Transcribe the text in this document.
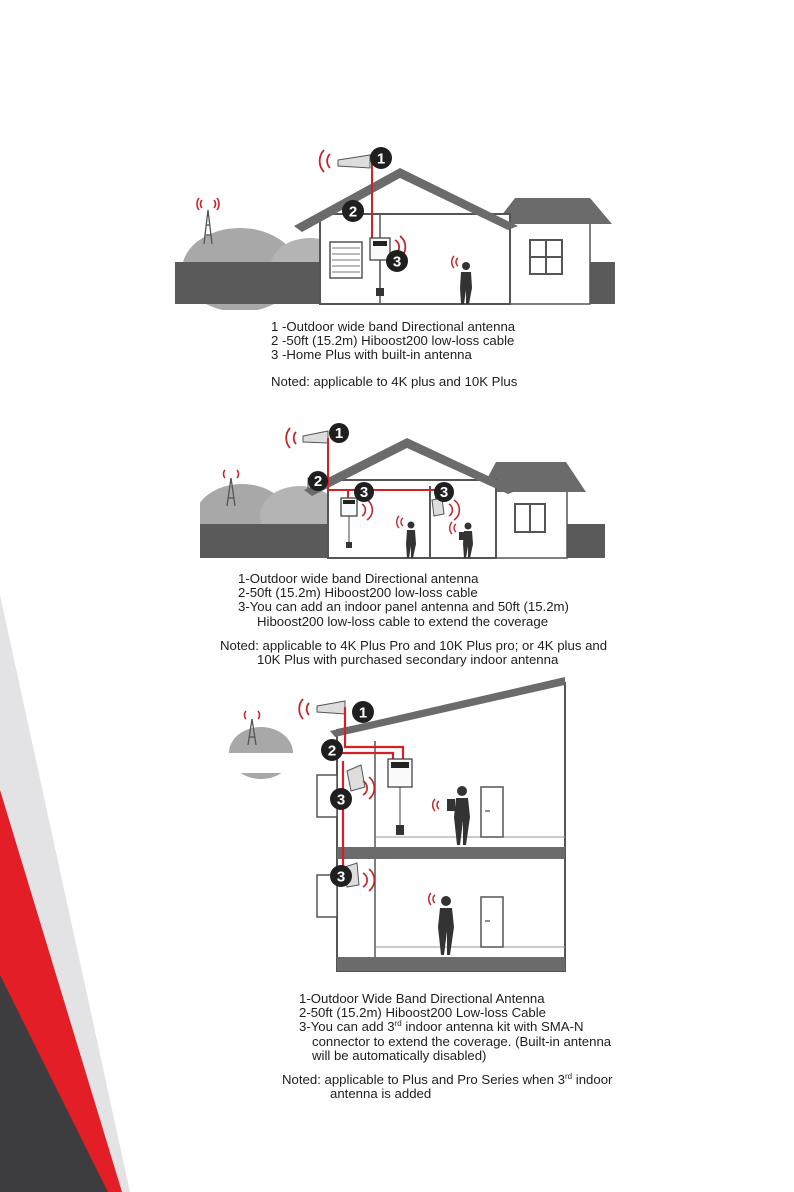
1
2
3

1 -Outdoor wide band Directional antenna

2 -50ft (15.2m) Hiboost200 low-loss cable

3 -Home Plus with built-in antenna

Noted: applicable to 4K plus and 10K Plus

1
2
3	3

1-Outdoor wide band Directional antenna

2-50ft (15.2m) Hiboost200 low-loss cable

3-You can add an indoor panel antenna and 50ft (15.2m)

Hiboost200 low-loss cable to extend the coverage

Noted: applicable to 4K Plus Pro and 10K Plus pro; or 4K plus and

10K Plus with purchased secondary indoor antenna

1
2
3
3

1-Outdoor Wide Band Directional Antenna

2-50ft (15.2m) Hiboost200 Low-loss Cable

3-You can add 3rd indoor antenna kit with SMA-N

connector to extend the coverage. (Built-in antenna

will be automatically disabled)

Noted: applicable to Plus and Pro Series when 3rd indoor

antenna is added
